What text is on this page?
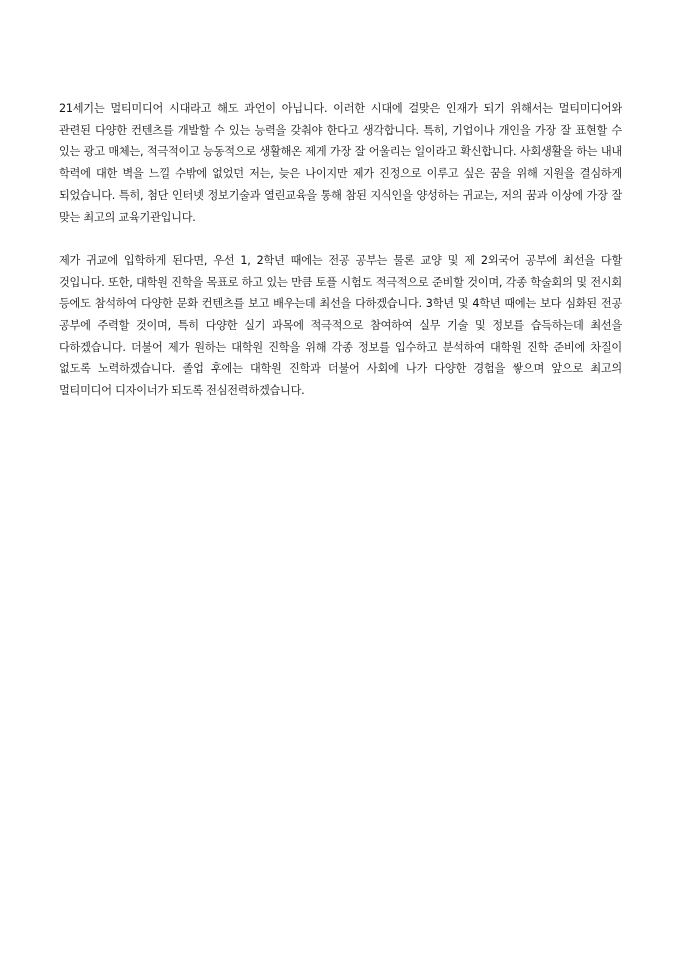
21세기는 멀티미디어 시대라고 해도 과언이 아닙니다. 이러한 시대에 걸맞은 인재가 되기 위해서는 멀티미디어와 관련된 다양한 컨텐츠를 개발할 수 있는 능력을 갖춰야 한다고 생각합니다. 특히, 기업이나 개인을 가장 잘 표현할 수 있는 광고 매체는, 적극적이고 능동적으로 생활해온 제게 가장 잘 어울리는 일이라고 확신합니다. 사회생활을 하는 내내 학력에 대한 벽을 느낄 수밖에 없었던 저는, 늦은 나이지만 제가 진정으로 이루고 싶은 꿈을 위해 지원을 결심하게 되었습니다. 특히, 첨단 인터넷 정보기술과 열린교육을 통해 참된 지식인을 양성하는 귀교는, 저의 꿈과 이상에 가장 잘 맞는 최고의 교육기관입니다.

제가 귀교에 입학하게 된다면, 우선 1, 2학년 때에는 전공 공부는 물론 교양 및 제 2외국어 공부에 최선을 다할 것입니다. 또한, 대학원 진학을 목표로 하고 있는 만큼 토플 시험도 적극적으로 준비할 것이며, 각종 학술회의 및 전시회 등에도 참석하여 다양한 문화 컨텐츠를 보고 배우는데 최선을 다하겠습니다. 3학년 및 4학년 때에는 보다 심화된 전공 공부에 주력할 것이며, 특히 다양한 실기 과목에 적극적으로 참여하여 실무 기술 및 정보를 습득하는데 최선을 다하겠습니다. 더불어 제가 원하는 대학원 진학을 위해 각종 정보를 입수하고 분석하여 대학원 진학 준비에 차질이 없도록 노력하겠습니다. 졸업 후에는 대학원 진학과 더불어 사회에 나가 다양한 경험을 쌓으며 앞으로 최고의 멀티미디어 디자이너가 되도록 전심전력하겠습니다.
